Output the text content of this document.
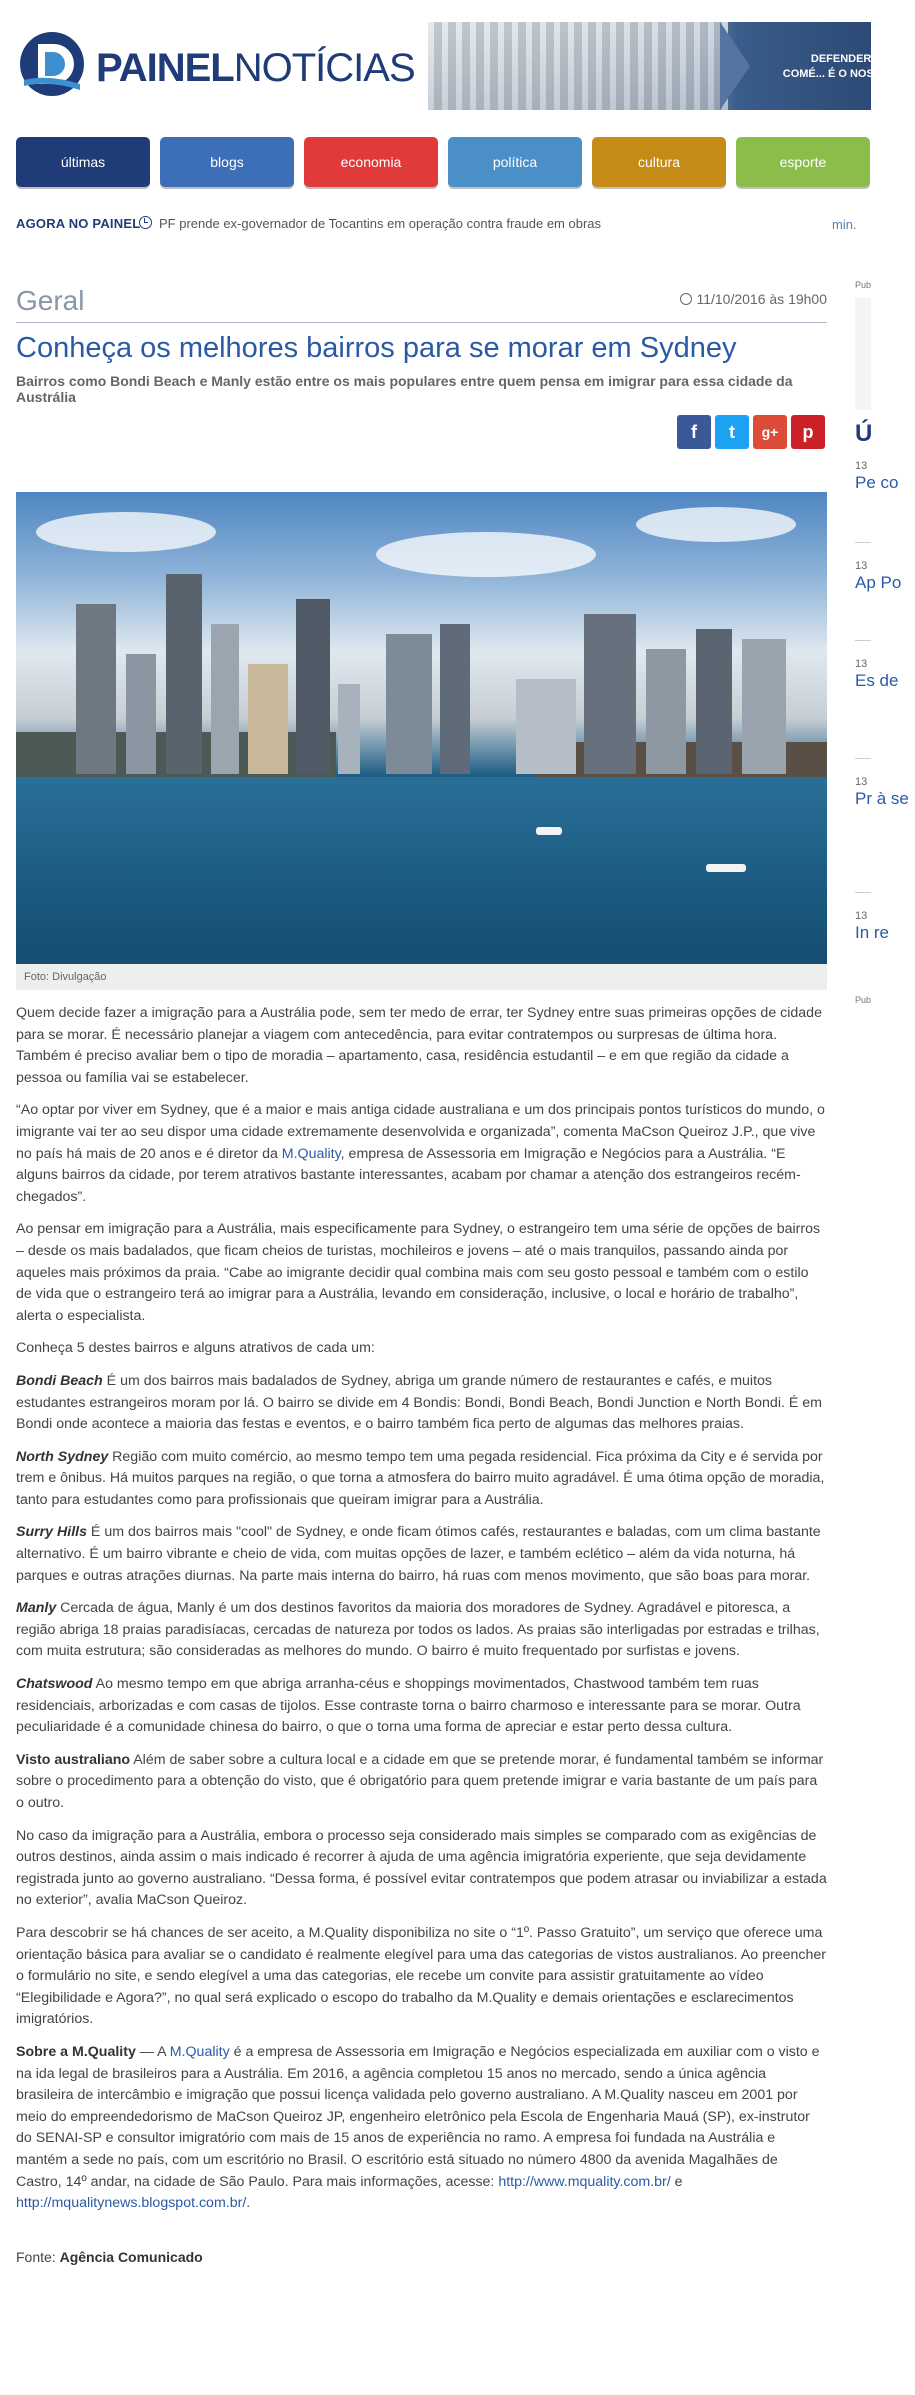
PAINELNOTÍCIAS	DEFENDER O COMÉ... É O NOS...
últimas	blogs	economia	política	cultura	esporte
AGORA NO PAINEL PF prende ex-governador de Tocantins em operação contra fraude em obras	min.
Geral	11/10/2016 às 19h00
Conheça os melhores bairros para se morar em Sydney
Bairros como Bondi Beach e Manly estão entre os mais populares entre quem pensa em imigrar para essa cidade da Austrália
f t g+ p
Foto: Divulgação

Quem decide fazer a imigração para a Austrália pode, sem ter medo de errar, ter Sydney entre suas primeiras opções de cidade para se morar. É necessário planejar a viagem com antecedência, para evitar contratempos ou surpresas de última hora. Também é preciso avaliar bem o tipo de moradia – apartamento, casa, residência estudantil – e em que região da cidade a pessoa ou família vai se estabelecer.

“Ao optar por viver em Sydney, que é a maior e mais antiga cidade australiana e um dos principais pontos turísticos do mundo, o imigrante vai ter ao seu dispor uma cidade extremamente desenvolvida e organizada”, comenta MaCson Queiroz J.P., que vive no país há mais de 20 anos e é diretor da M.Quality, empresa de Assessoria em Imigração e Negócios para a Austrália. “E alguns bairros da cidade, por terem atrativos bastante interessantes, acabam por chamar a atenção dos estrangeiros recém-chegados”.

Ao pensar em imigração para a Austrália, mais especificamente para Sydney, o estrangeiro tem uma série de opções de bairros – desde os mais badalados, que ficam cheios de turistas, mochileiros e jovens – até o mais tranquilos, passando ainda por aqueles mais próximos da praia. “Cabe ao imigrante decidir qual combina mais com seu gosto pessoal e também com o estilo de vida que o estrangeiro terá ao imigrar para a Austrália, levando em consideração, inclusive, o local e horário de trabalho”, alerta o especialista.

Conheça 5 destes bairros e alguns atrativos de cada um:

Bondi Beach É um dos bairros mais badalados de Sydney, abriga um grande número de restaurantes e cafés, e muitos estudantes estrangeiros moram por lá. O bairro se divide em 4 Bondis: Bondi, Bondi Beach, Bondi Junction e North Bondi. É em Bondi onde acontece a maioria das festas e eventos, e o bairro também fica perto de algumas das melhores praias.

North Sydney Região com muito comércio, ao mesmo tempo tem uma pegada residencial. Fica próxima da City e é servida por trem e ônibus. Há muitos parques na região, o que torna a atmosfera do bairro muito agradável. É uma ótima opção de moradia, tanto para estudantes como para profissionais que queiram imigrar para a Austrália.

Surry Hills É um dos bairros mais "cool" de Sydney, e onde ficam ótimos cafés, restaurantes e baladas, com um clima bastante alternativo. É um bairro vibrante e cheio de vida, com muitas opções de lazer, e também eclético – além da vida noturna, há parques e outras atrações diurnas. Na parte mais interna do bairro, há ruas com menos movimento, que são boas para morar.

Manly Cercada de água, Manly é um dos destinos favoritos da maioria dos moradores de Sydney. Agradável e pitoresca, a região abriga 18 praias paradisíacas, cercadas de natureza por todos os lados. As praias são interligadas por estradas e trilhas, com muita estrutura; são consideradas as melhores do mundo. O bairro é muito frequentado por surfistas e jovens.

Chatswood Ao mesmo tempo em que abriga arranha-céus e shoppings movimentados, Chastwood também tem ruas residenciais, arborizadas e com casas de tijolos. Esse contraste torna o bairro charmoso e interessante para se morar. Outra peculiaridade é a comunidade chinesa do bairro, o que o torna uma forma de apreciar e estar perto dessa cultura.

Visto australiano Além de saber sobre a cultura local e a cidade em que se pretende morar, é fundamental também se informar sobre o procedimento para a obtenção do visto, que é obrigatório para quem pretende imigrar e varia bastante de um país para o outro.

No caso da imigração para a Austrália, embora o processo seja considerado mais simples se comparado com as exigências de outros destinos, ainda assim o mais indicado é recorrer à ajuda de uma agência imigratória experiente, que seja devidamente registrada junto ao governo australiano. “Dessa forma, é possível evitar contratempos que podem atrasar ou inviabilizar a estada no exterior”, avalia MaCson Queiroz.

Para descobrir se há chances de ser aceito, a M.Quality disponibiliza no site o “1º. Passo Gratuito”, um serviço que oferece uma orientação básica para avaliar se o candidato é realmente elegível para uma das categorias de vistos australianos. Ao preencher o formulário no site, e sendo elegível a uma das categorias, ele recebe um convite para assistir gratuitamente ao vídeo “Elegibilidade e Agora?”, no qual será explicado o escopo do trabalho da M.Quality e demais orientações e esclarecimentos imigratórios.

Sobre a M.Quality — A M.Quality é a empresa de Assessoria em Imigração e Negócios especializada em auxiliar com o visto e na ida legal de brasileiros para a Austrália. Em 2016, a agência completou 15 anos no mercado, sendo a única agência brasileira de intercâmbio e imigração que possui licença validada pelo governo australiano. A M.Quality nasceu em 2001 por meio do empreendedorismo de MaCson Queiroz JP, engenheiro eletrônico pela Escola de Engenharia Mauá (SP), ex-instrutor do SENAI-SP e consultor imigratório com mais de 15 anos de experiência no ramo. A empresa foi fundada na Austrália e mantém a sede no país, com um escritório no Brasil. O escritório está situado no número 4800 da avenida Magalhães de Castro, 14º andar, na cidade de São Paulo. Para mais informações, acesse: http://www.mquality.com.br/ e http://mqualitynews.blogspot.com.br/.

Fonte: Agência Comunicado
Pub
Ú
13
Pe co
13
Ap Po
13
Es de
13
Pr à se
13
In re
Pub
